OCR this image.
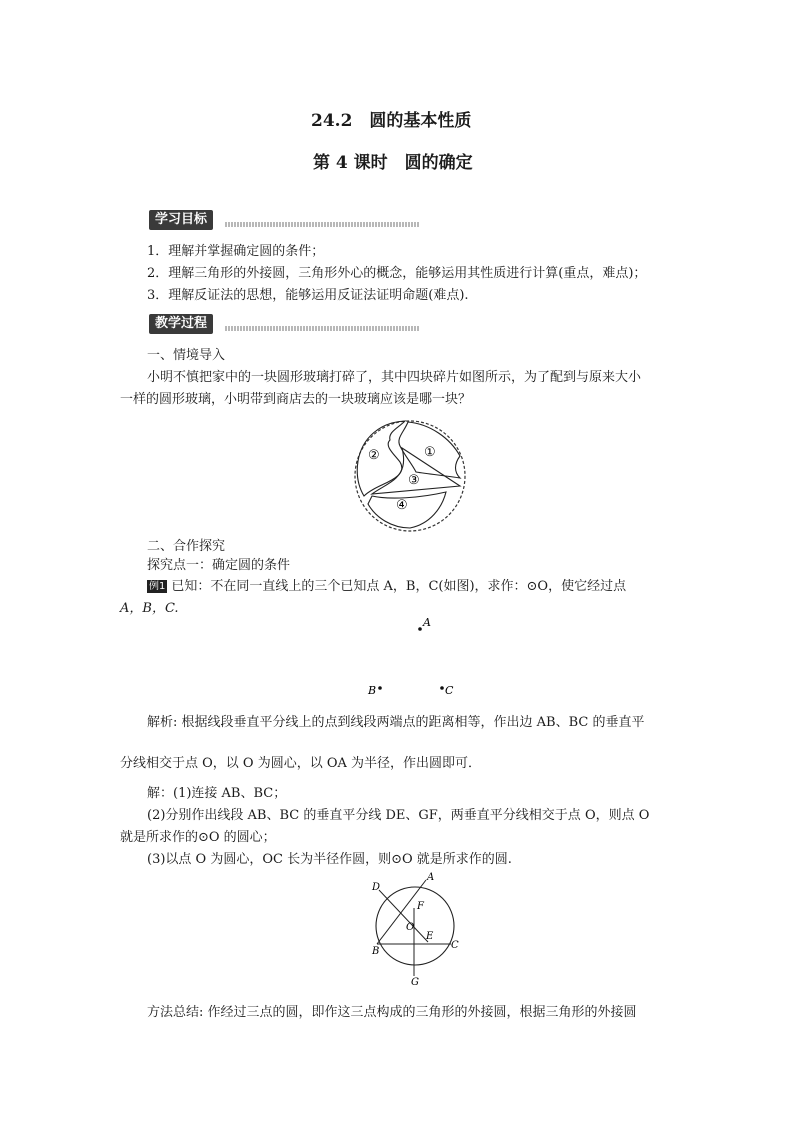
24.2　圆的基本性质
第 4 课时　圆的确定
学习目标
1．理解并掌握确定圆的条件；
2．理解三角形的外接圆，三角形外心的概念，能够运用其性质进行计算(重点，难点)；
3．理解反证法的思想，能够运用反证法证明命题(难点).
教学过程
一、情境导入
小明不慎把家中的一块圆形玻璃打碎了，其中四块碎片如图所示，为了配到与原来大小
一样的圆形玻璃，小明带到商店去的一块玻璃应该是哪一块？
②	①
③
④
二、合作探究
探究点一：确定圆的条件
例1 已知：不在同一直线上的三个已知点 A，B，C(如图)，求作：⊙O，使它经过点
A，B，C.
A
B	C
解析: 根据线段垂直平分线上的点到线段两端点的距离相等，作出边 AB、BC 的垂直平
分线相交于点 O，以 O 为圆心，以 OA 为半径，作出圆即可．
解：(1)连接 AB、BC；
(2)分别作出线段 AB、BC 的垂直平分线 DE、GF，两垂直平分线相交于点 O，则点 O
就是所求作的⊙O 的圆心；
(3)以点 O 为圆心，OC 长为半径作圆，则⊙O 就是所求作的圆.
A
D
F
O
E
B
C
G
方法总结: 作经过三点的圆，即作这三点构成的三角形的外接圆，根据三角形的外接圆
